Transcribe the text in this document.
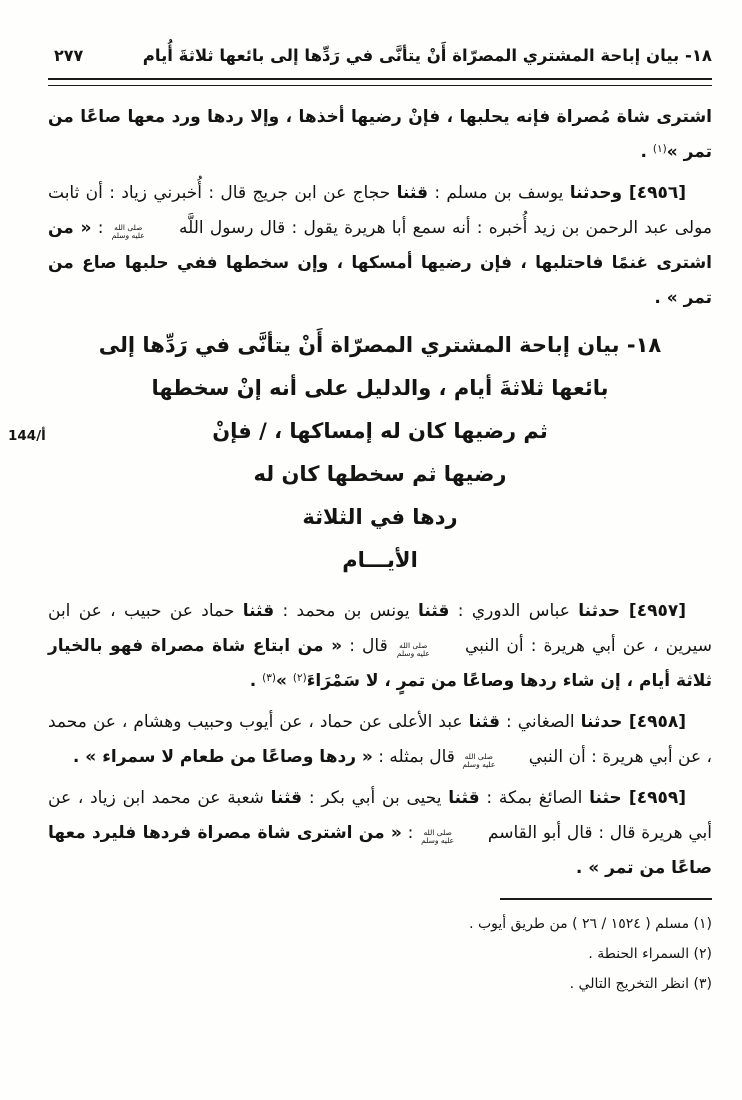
١٨- بيان إباحة المشتري المصرّاة أَنْ يتأنَّى في رَدِّها إلى بائعها ثلاثةَ أُيام
٢٧٧

اشترى شاة مُصراة فإنه يحلبها ، فإنْ رضيها أخذها ، وإلا ردها ورد معها صاعًا من تمر »$^{(١)}$ .

[٤٩٥٦] وحدثنا يوسف بن مسلم : قثنا حجاج عن ابن جريج قال : أُخبرني زياد : أن ثابت مولى عبد الرحمن بن زيد أُخبره : أنه سمع أبا هريرة يقول : قال رسول اللَّه
صلى الله
عليه وسلم
: « من اشترى غنمًا فاحتلبها ، فإن رضيها أمسكها ، وإن سخطها ففي حلبها صاع من تمر » .

١٨- بيان إباحة المشتري المصرّاة أَنْ يتأنَّى في رَدِّها إلى
بائعها ثلاثةَ أيام ، والدليل على أنه إنْ سخطها
ثم رضيها كان له إمساكها ، / فإنْ
رضيها ثم سخطها كان له
ردها في الثلاثة
الأيـــام

[٤٩٥٧] حدثنا عباس الدوري : قثنا يونس بن محمد : قثنا حماد عن حبيب ، عن ابن سيرين ، عن أبي هريرة : أن النبي
صلى الله
عليه وسلم
قال : « من ابتاع شاة مصراة فهو بالخيار ثلاثة أيام ، إن شاء ردها وصاعًا من تمرٍ ، لا سَمْرَاءَ$^{(٢)}$ »$^{(٣)}$ .

[٤٩٥٨] حدثنا الصغاني : قثنا عبد الأعلى عن حماد ، عن أيوب وحبيب وهشام ، عن محمد ، عن أبي هريرة : أن النبي
صلى الله
عليه وسلم
قال بمثله : « ردها وصاعًا من طعام لا سمراء » .

[٤٩٥٩] حثنا الصائغ بمكة : قثنا يحيى بن أبي بكر : قثنا شعبة عن محمد ابن زياد ، عن أبي هريرة قال : قال أبو القاسم
صلى الله
عليه وسلم
: « من اشترى شاة مصراة فردها فليرد معها صاعًا من تمر » .

(١) مسلم ( ١٥٢٤ / ٢٦ ) من طريق أيوب .
(٢) السمراء الحنطة .
(٣) انظر التخريج التالي .
أ/144
